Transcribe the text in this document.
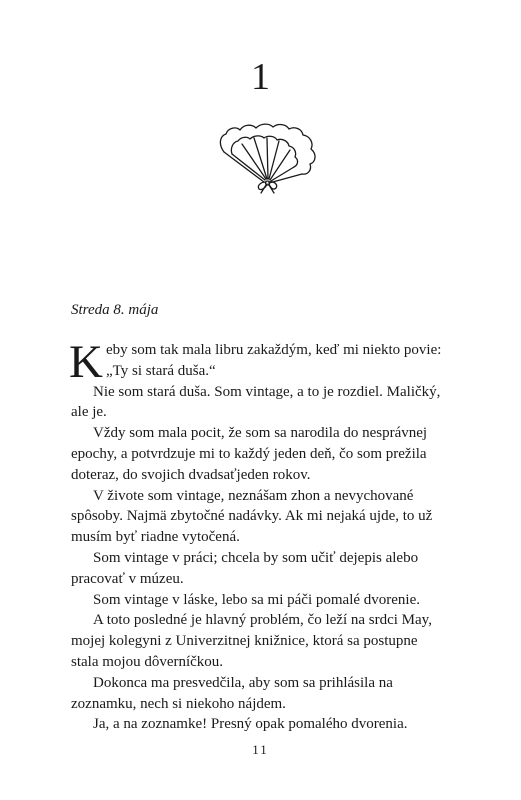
1

Streda 8. mája

Keby som tak mala libru zakaždým, keď mi niekto povie: „Ty si stará duša.“

Nie som stará duša. Som vintage, a to je rozdiel. Maličký, ale je.

Vždy som mala pocit, že som sa narodila do nesprávnej epochy, a potvrdzuje mi to každý jeden deň, čo som prežila doteraz, do svojich dvadsaťjeden rokov.

V živote som vintage, neznášam zhon a nevychované spôsoby. Najmä zbytočné nadávky. Ak mi nejaká ujde, to už musím byť riadne vytočená.

Som vintage v práci; chcela by som učiť dejepis alebo pracovať v múzeu.

Som vintage v láske, lebo sa mi páči pomalé dvorenie.

A toto posledné je hlavný problém, čo leží na srdci May, mojej kolegyni z Univerzitnej knižnice, ktorá sa postupne stala mojou dôverníčkou.

Dokonca ma presvedčila, aby som sa prihlásila na zoznamku, nech si niekoho nájdem.

Ja, a na zoznamke! Presný opak pomalého dvorenia.

11
